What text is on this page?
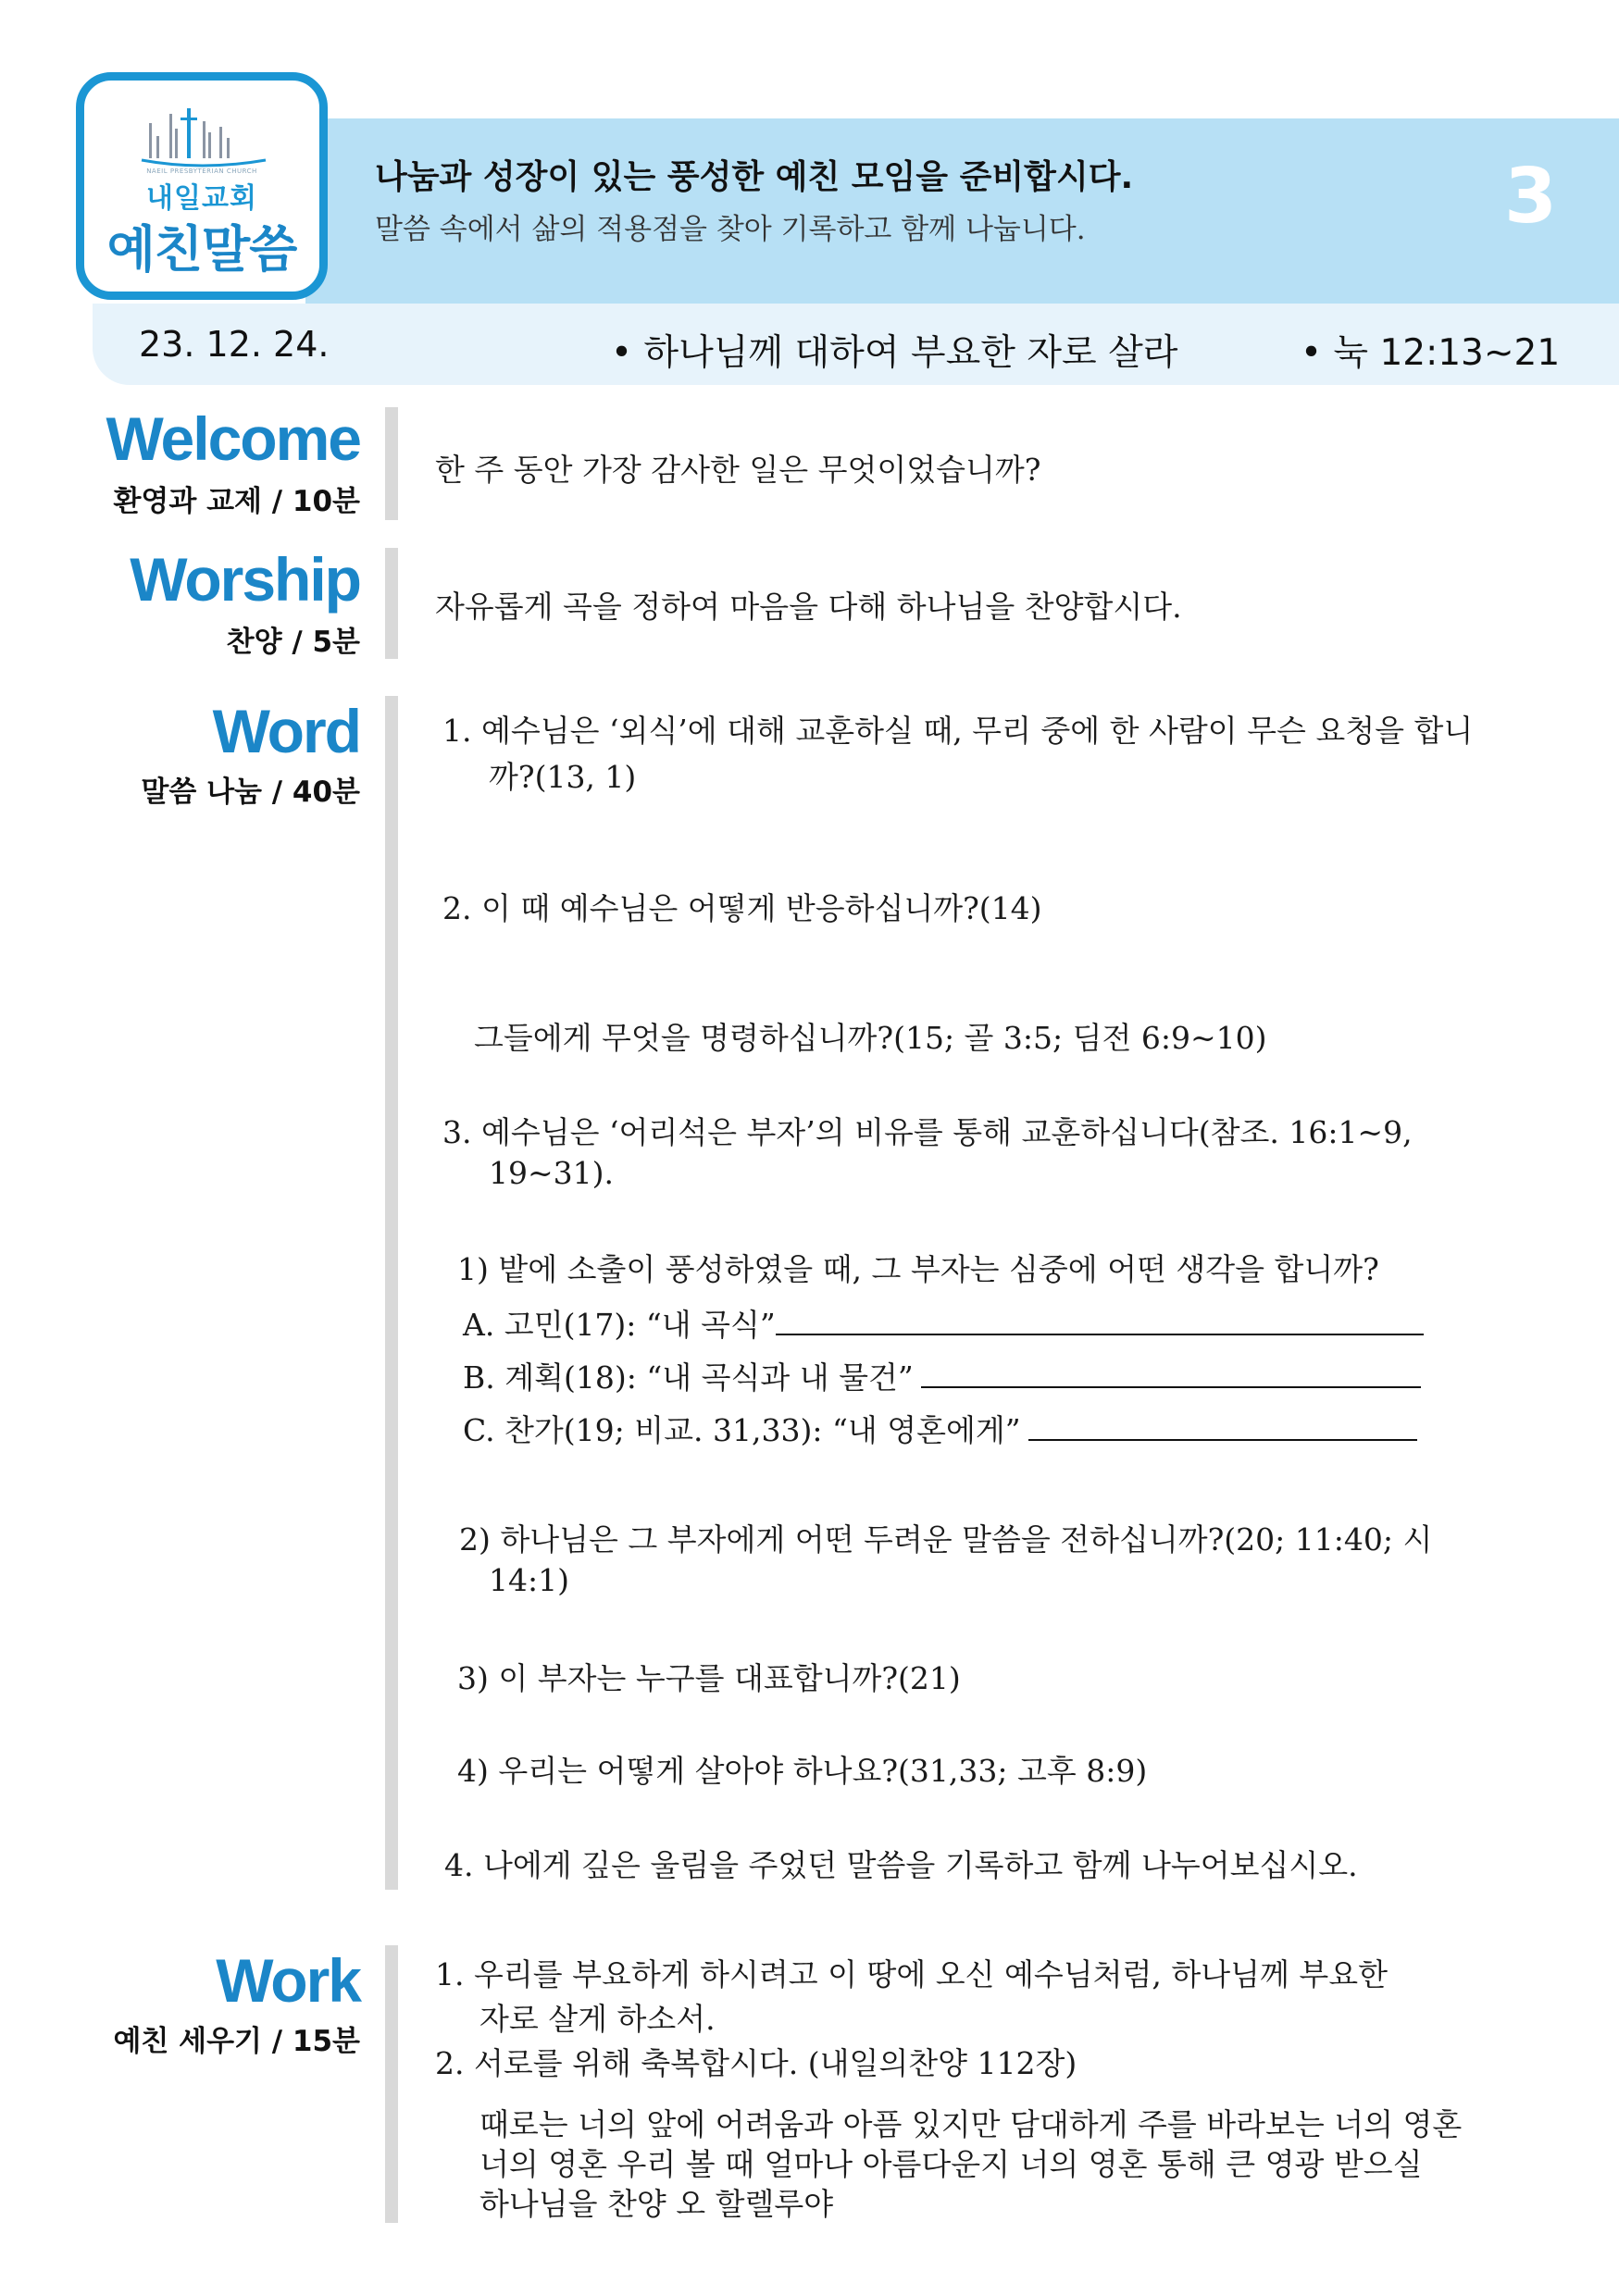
NAEIL PRESBYTERIAN CHURCH
내일교회
예친말씀
나눔과 성장이 있는 풍성한 예친 모임을 준비합시다.
말씀 속에서 삶의 적용점을 찾아 기록하고 함께 나눕니다.	3
23. 12. 24.	• 하나님께 대하여 부요한 자로 살라	• 눅 12:13~21
Welcome
환영과 교제 / 10분
한 주 동안 가장 감사한 일은 무엇이었습니까?
Worship
찬양 / 5분
자유롭게 곡을 정하여 마음을 다해 하나님을 찬양합시다.
Word
말씀 나눔 / 40분
1. 예수님은 ‘외식’에 대해 교훈하실 때, 무리 중에 한 사람이 무슨 요청을 합니
까?(13, 1)
2. 이 때 예수님은 어떻게 반응하십니까?(14)
그들에게 무엇을 명령하십니까?(15; 골 3:5; 딤전 6:9~10)
3. 예수님은 ‘어리석은 부자’의 비유를 통해 교훈하십니다(참조. 16:1~9,
19~31).
1) 밭에 소출이 풍성하였을 때, 그 부자는 심중에 어떤 생각을 합니까?
A. 고민(17): “내 곡식”
B. 계획(18): “내 곡식과 내 물건”
C. 찬가(19; 비교. 31,33): “내 영혼에게”
2) 하나님은 그 부자에게 어떤 두려운 말씀을 전하십니까?(20; 11:40; 시
14:1)
3) 이 부자는 누구를 대표합니까?(21)
4) 우리는 어떻게 살아야 하나요?(31,33; 고후 8:9)
4. 나에게 깊은 울림을 주었던 말씀을 기록하고 함께 나누어보십시오.
Work
예친 세우기 / 15분
1. 우리를 부요하게 하시려고 이 땅에 오신 예수님처럼, 하나님께 부요한
자로 살게 하소서.
2. 서로를 위해 축복합시다. (내일의찬양 112장)
때로는 너의 앞에 어려움과 아픔 있지만 담대하게 주를 바라보는 너의 영혼
너의 영혼 우리 볼 때 얼마나 아름다운지 너의 영혼 통해 큰 영광 받으실
하나님을 찬양 오 할렐루야
